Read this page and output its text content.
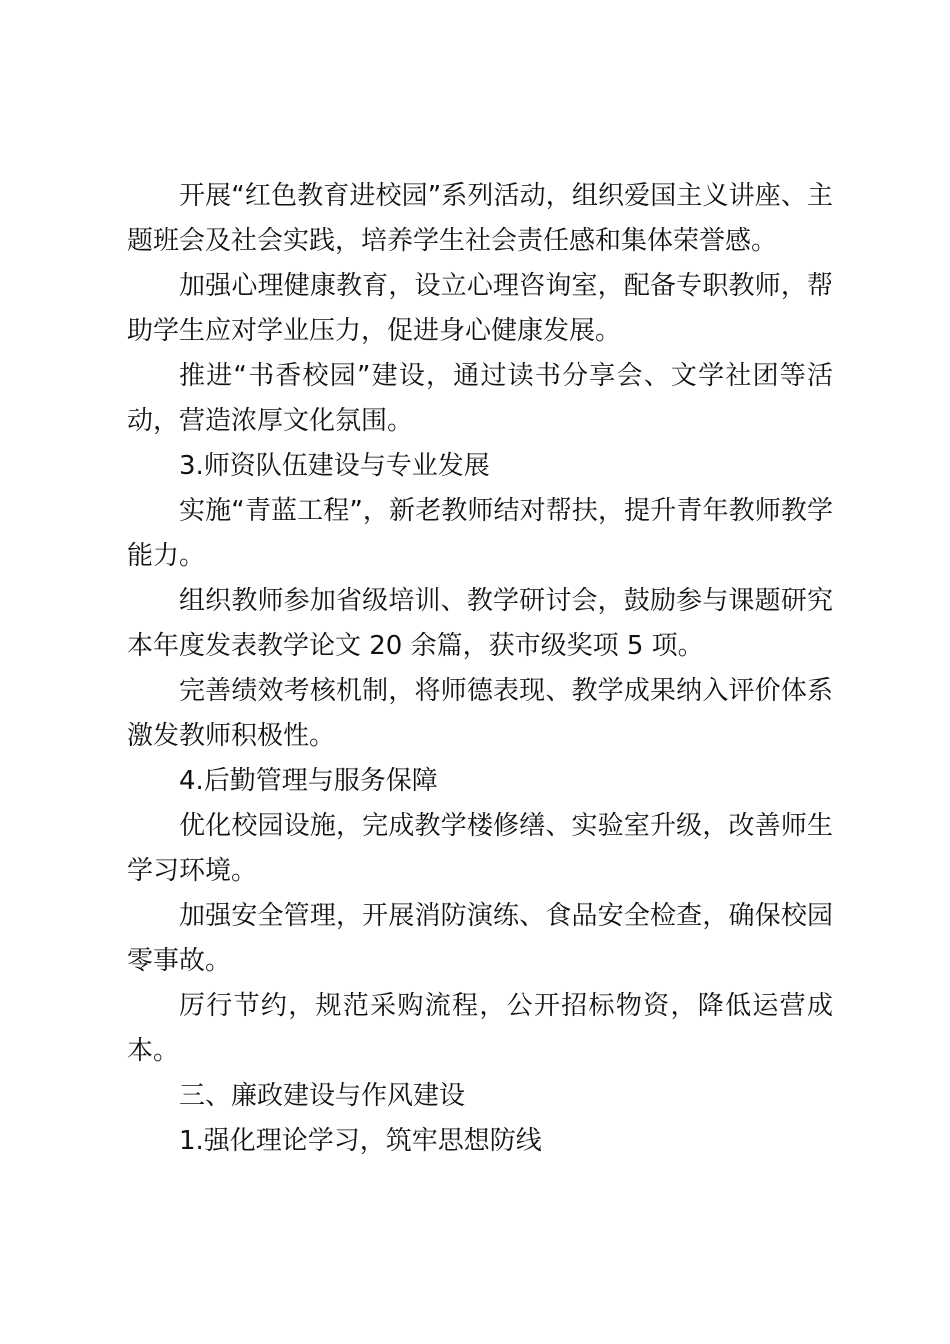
开展“红色教育进校园”系列活动，组织爱国主义讲座、主题班会及社会实践，培养学生社会责任感和集体荣誉感。

加强心理健康教育，设立心理咨询室，配备专职教师，帮助学生应对学业压力，促进身心健康发展。

推进“书香校园”建设，通过读书分享会、文学社团等活动，营造浓厚文化氛围。

3.师资队伍建设与专业发展

实施“青蓝工程”，新老教师结对帮扶，提升青年教师教学能力。

组织教师参加省级培训、教学研讨会，鼓励参与课题研究本年度发表教学论文 20 余篇，获市级奖项 5 项。

完善绩效考核机制，将师德表现、教学成果纳入评价体系激发教师积极性。

4.后勤管理与服务保障

优化校园设施，完成教学楼修缮、实验室升级，改善师生学习环境。

加强安全管理，开展消防演练、食品安全检查，确保校园零事故。

厉行节约，规范采购流程，公开招标物资，降低运营成本。

三、廉政建设与作风建设

1.强化理论学习，筑牢思想防线
